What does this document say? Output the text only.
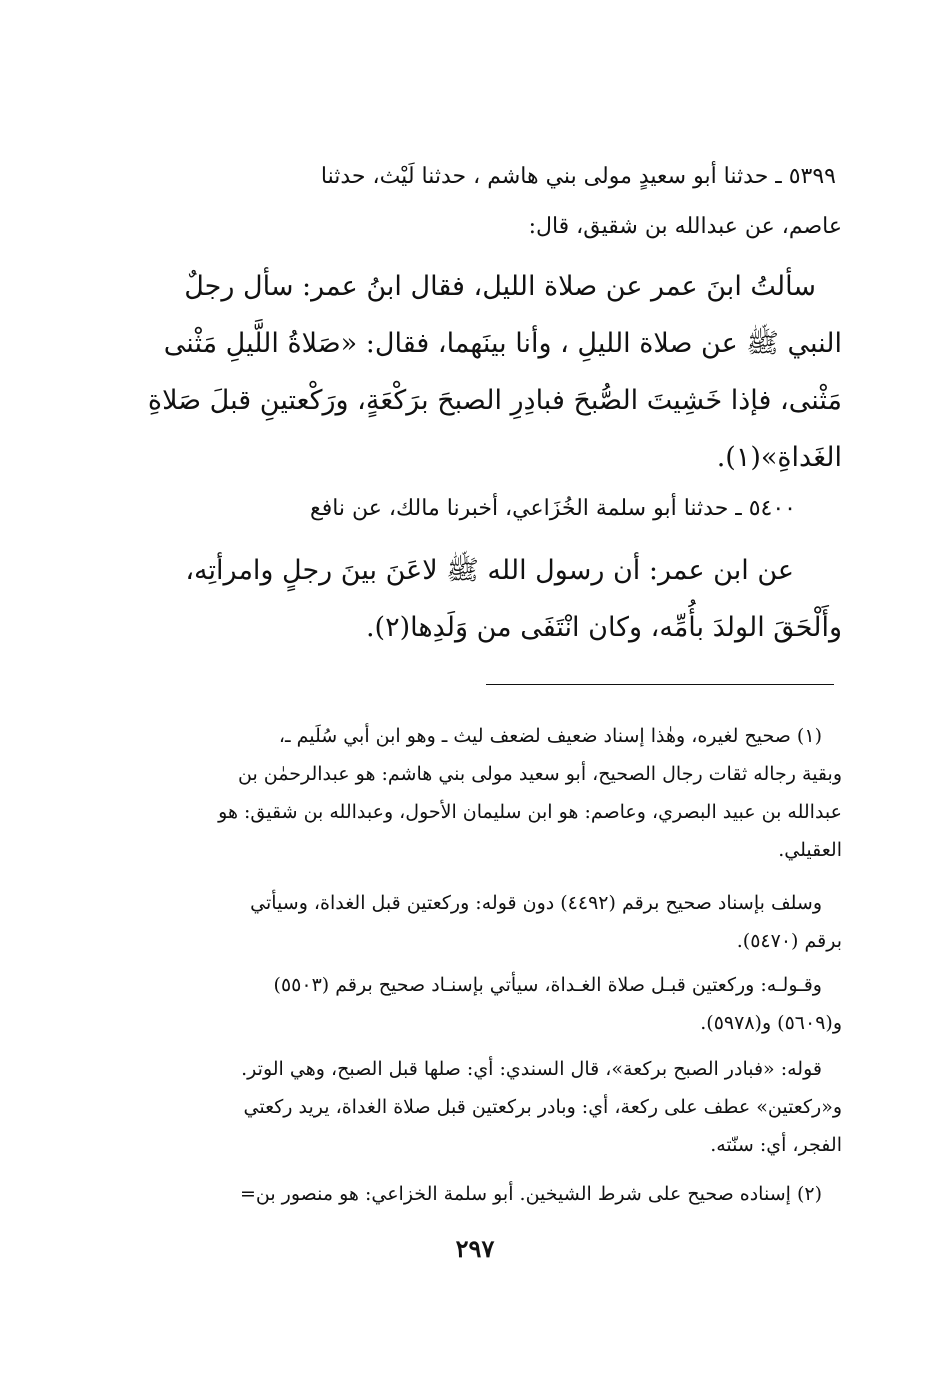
٥٣٩٩ ـ حدثنا أبو سعيدٍ مولى بني هاشم ، حدثنا لَيْث، حدثنا
عاصم، عن عبدالله بن شقيق، قال:
سألتُ ابنَ عمر عن صلاة الليل، فقال ابنُ عمر: سأل رجلٌ
النبي ﷺ عن صلاة الليلِ ، وأنا بينَهما، فقال: «صَلاةُ اللَّيلِ مَثْنى
مَثْنى، فإذا خَشِيتَ الصُّبحَ فبادِرِ الصبحَ برَكْعَةٍ، ورَكْعتينِ قبلَ صَلاةِ
الغَداةِ»(١).
٥٤٠٠ ـ حدثنا أبو سلمة الخُزَاعي، أخبرنا مالك، عن نافع
عن ابن عمر: أن رسول الله ﷺ لاعَنَ بينَ رجلٍ وامرأتِه،
وأَلْحَقَ الولدَ بأُمِّه، وكان انْتَفَى من وَلَدِها(٢).
(١) صحيح لغيره، وهٰذا إسناد ضعيف لضعف ليث ـ وهو ابن أبي سُلَيم ـ،
وبقية رجاله ثقات رجال الصحيح، أبو سعيد مولى بني هاشم: هو عبدالرحمٰن بن
عبدالله بن عبيد البصري، وعاصم: هو ابن سليمان الأحول، وعبدالله بن شقيق: هو
العقيلي.
وسلف بإسناد صحيح برقم (٤٤٩٢) دون قوله: وركعتين قبل الغداة، وسيأتي
برقم (٥٤٧٠).
وقـولـه: وركعتين قبـل صلاة الغـداة، سيأتي بإسنـاد صحيح برقم (٥٥٠٣)
و(٥٦٠٩) و(٥٩٧٨).
قوله: «فبادر الصبح بركعة»، قال السندي: أي: صلها قبل الصبح، وهي الوتر.
و«ركعتين» عطف على ركعة، أي: وبادر بركعتين قبل صلاة الغداة، يريد ركعتي
الفجر، أي: سنّته.
(٢) إسناده صحيح على شرط الشيخين. أبو سلمة الخزاعي: هو منصور بن=
٢٩٧
